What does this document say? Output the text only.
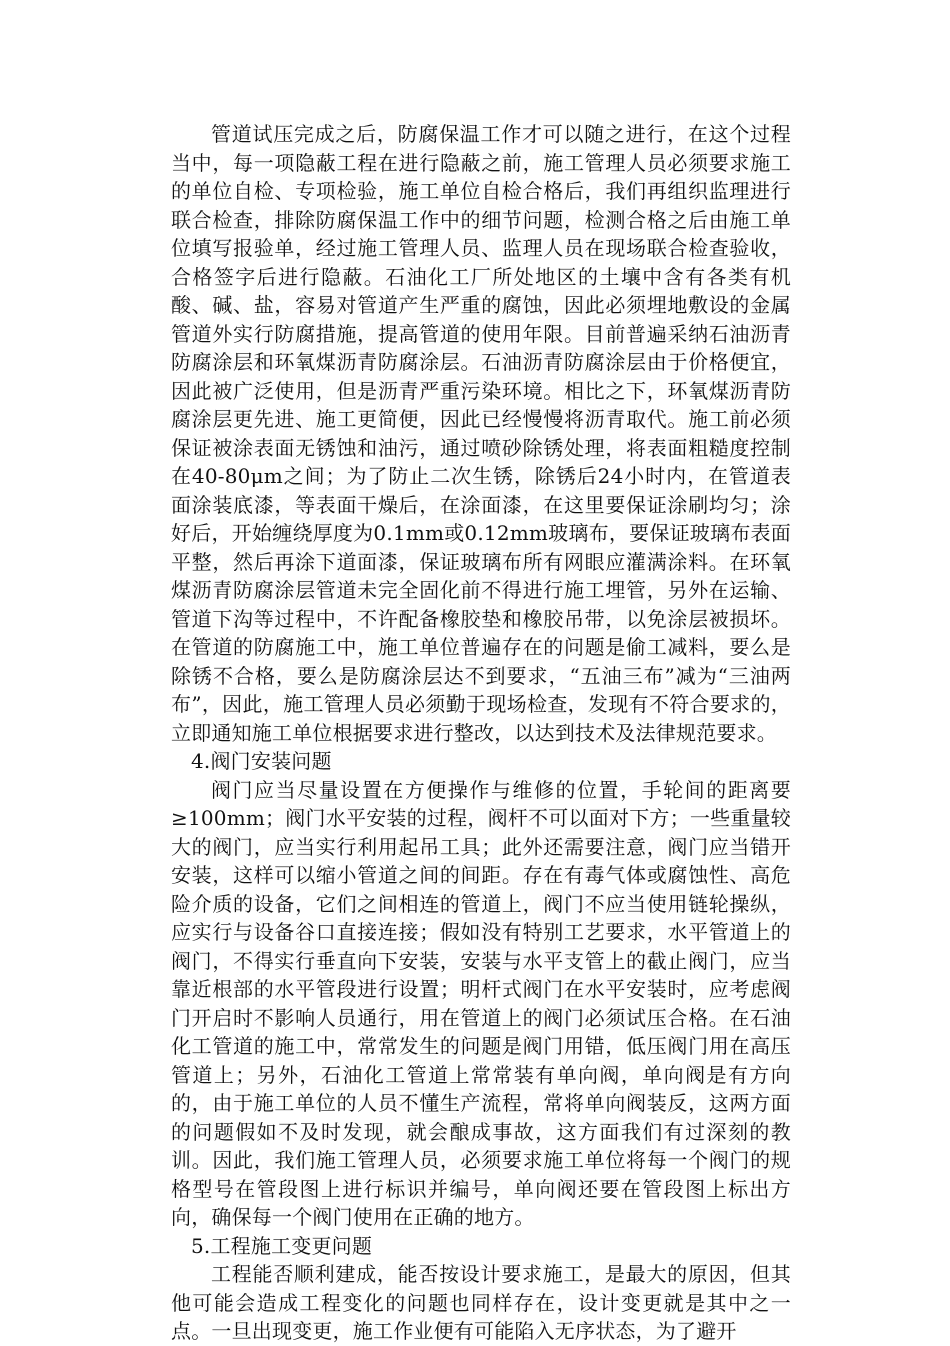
管道试压完成之后，防腐保温工作才可以随之进行，在这个过程当中，每一项隐蔽工程在进行隐蔽之前，施工管理人员必须要求施工的单位自检、专项检验，施工单位自检合格后，我们再组织监理进行联合检查，排除防腐保温工作中的细节问题，检测合格之后由施工单位填写报验单，经过施工管理人员、监理人员在现场联合检查验收，合格签字后进行隐蔽。石油化工厂所处地区的土壤中含有各类有机酸、碱、盐，容易对管道产生严重的腐蚀，因此必须埋地敷设的金属管道外实行防腐措施，提高管道的使用年限。目前普遍采纳石油沥青防腐涂层和环氧煤沥青防腐涂层。石油沥青防腐涂层由于价格便宜，因此被广泛使用，但是沥青严重污染环境。相比之下，环氧煤沥青防腐涂层更先进、施工更简便，因此已经慢慢将沥青取代。施工前必须保证被涂表面无锈蚀和油污，通过喷砂除锈处理，将表面粗糙度控制在40-80μm之间；为了防止二次生锈，除锈后24小时内，在管道表面涂装底漆，等表面干燥后，在涂面漆，在这里要保证涂刷均匀；涂好后，开始缠绕厚度为0.1mm或0.12mm玻璃布，要保证玻璃布表面平整，然后再涂下道面漆，保证玻璃布所有网眼应灌满涂料。在环氧煤沥青防腐涂层管道未完全固化前不得进行施工埋管，另外在运输、管道下沟等过程中，不许配备橡胶垫和橡胶吊带，以免涂层被损坏。在管道的防腐施工中，施工单位普遍存在的问题是偷工减料，要么是除锈不合格，要么是防腐涂层达不到要求，“五油三布”减为“三油两布”，因此，施工管理人员必须勤于现场检查，发现有不符合要求的，立即通知施工单位根据要求进行整改，以达到技术及法律规范要求。

4.阀门安装问题

阀门应当尽量设置在方便操作与维修的位置，手轮间的距离要≥100mm；阀门水平安装的过程，阀杆不可以面对下方；一些重量较大的阀门，应当实行利用起吊工具；此外还需要注意，阀门应当错开安装，这样可以缩小管道之间的间距。存在有毒气体或腐蚀性、高危险介质的设备，它们之间相连的管道上，阀门不应当使用链轮操纵，应实行与设备谷口直接连接；假如没有特别工艺要求，水平管道上的阀门，不得实行垂直向下安装，安装与水平支管上的截止阀门，应当靠近根部的水平管段进行设置；明杆式阀门在水平安装时，应考虑阀门开启时不影响人员通行，用在管道上的阀门必须试压合格。在石油化工管道的施工中，常常发生的问题是阀门用错，低压阀门用在高压管道上；另外，石油化工管道上常常装有单向阀，单向阀是有方向的，由于施工单位的人员不懂生产流程，常将单向阀装反，这两方面的问题假如不及时发现，就会酿成事故，这方面我们有过深刻的教训。因此，我们施工管理人员，必须要求施工单位将每一个阀门的规格型号在管段图上进行标识并编号，单向阀还要在管段图上标出方向，确保每一个阀门使用在正确的地方。

5.工程施工变更问题

工程能否顺利建成，能否按设计要求施工，是最大的原因，但其他可能会造成工程变化的问题也同样存在，设计变更就是其中之一点。一旦出现变更，施工作业便有可能陷入无序状态，为了避开
